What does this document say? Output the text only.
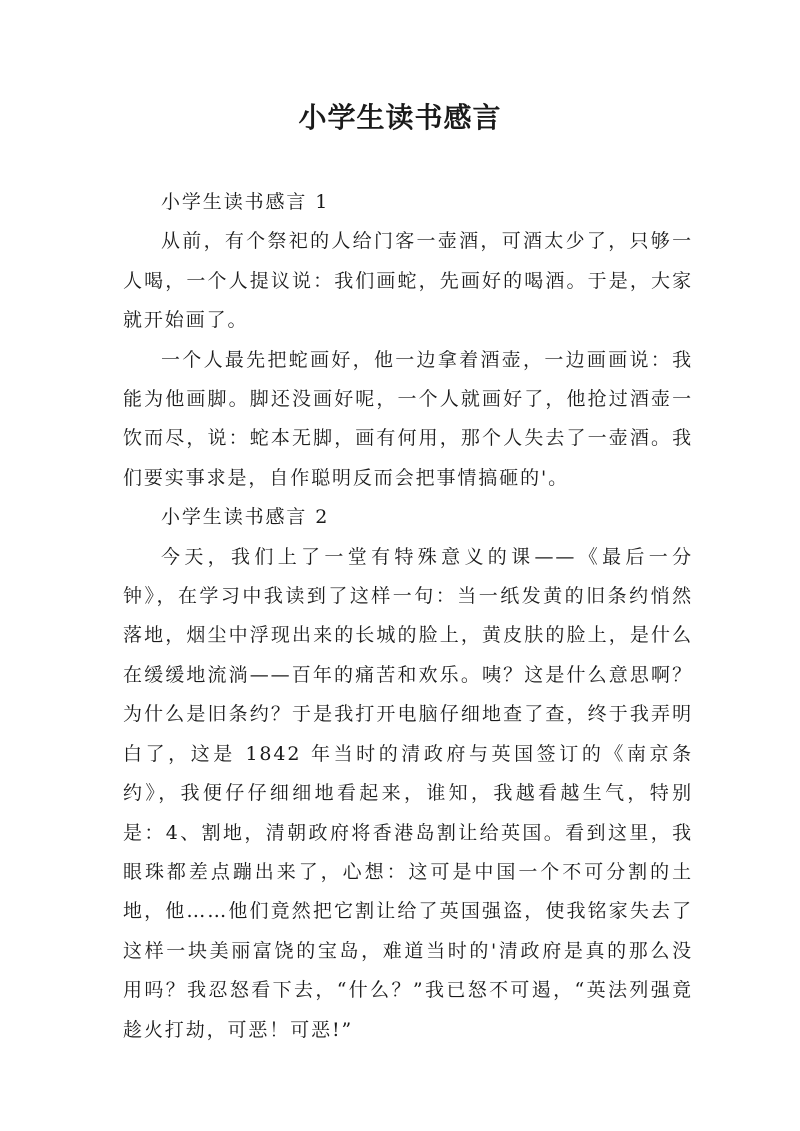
小学生读书感言

小学生读书感言 1

从前，有个祭祀的人给门客一壶酒，可酒太少了，只够一人喝，一个人提议说：我们画蛇，先画好的喝酒。于是，大家就开始画了。

一个人最先把蛇画好，他一边拿着酒壶，一边画画说：我能为他画脚。脚还没画好呢，一个人就画好了，他抢过酒壶一饮而尽，说：蛇本无脚，画有何用，那个人失去了一壶酒。我们要实事求是，自作聪明反而会把事情搞砸的'。

小学生读书感言 2

今天，我们上了一堂有特殊意义的课——《最后一分钟》，在学习中我读到了这样一句：当一纸发黄的旧条约悄然落地，烟尘中浮现出来的长城的脸上，黄皮肤的脸上，是什么在缓缓地流淌——百年的痛苦和欢乐。咦？这是什么意思啊？为什么是旧条约？于是我打开电脑仔细地查了查，终于我弄明白了，这是 1842 年当时的清政府与英国签订的《南京条约》，我便仔仔细细地看起来，谁知，我越看越生气，特别是：4、割地，清朝政府将香港岛割让给英国。看到这里，我眼珠都差点蹦出来了，心想：这可是中国一个不可分割的土地，他……他们竟然把它割让给了英国强盗，使我铭家失去了这样一块美丽富饶的宝岛，难道当时的'清政府是真的那么没用吗？我忍怒看下去，“什么？”我已怒不可遏，“英法列强竟趁火打劫，可恶！可恶!”
